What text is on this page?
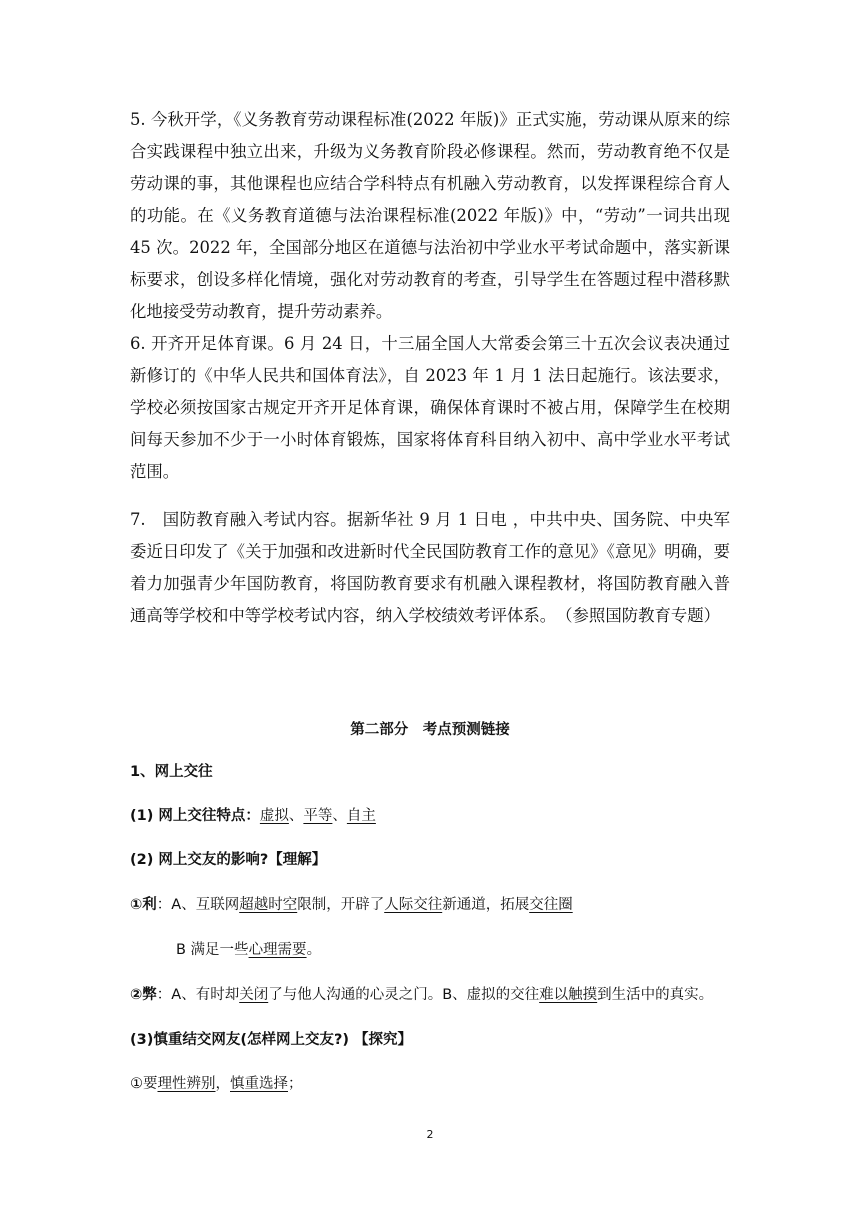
5. 今秋开学，《义务教育劳动课程标准(2022 年版)》正式实施，劳动课从原来的综合实践课程中独立出来，升级为义务教育阶段必修课程。然而，劳动教育绝不仅是劳动课的事，其他课程也应结合学科特点有机融入劳动教育，以发挥课程综合育人的功能。在《义务教育道德与法治课程标准(2022 年版)》中，“劳动”一词共出现 45 次。2022 年，全国部分地区在道德与法治初中学业水平考试命题中，落实新课标要求，创设多样化情境，强化对劳动教育的考查，引导学生在答题过程中潜移默化地接受劳动教育，提升劳动素养。

6. 开齐开足体育课。6 月 24 日，十三届全国人大常委会第三十五次会议表决通过新修订的《中华人民共和国体育法》，自 2023 年 1 月 1 法日起施行。该法要求，学校必须按国家古规定开齐开足体育课，确保体育课时不被占用，保障学生在校期间每天参加不少于一小时体育锻炼，国家将体育科目纳入初中、高中学业水平考试范围。

7.　国防教育融入考试内容。据新华社 9 月 1 日电 ，中共中央、国务院、中央军委近日印发了《关于加强和改进新时代全民国防教育工作的意见》《意见》明确，要着力加强青少年国防教育，将国防教育要求有机融入课程教材，将国防教育融入普通高等学校和中等学校考试内容，纳入学校绩效考评体系。　（参照国防教育专题）

第二部分　考点预测链接
1、网上交往
(1) 网上交往特点：虚拟、平等、自主
(2) 网上交友的影响?【理解】
①利：A、互联网超越时空限制，开辟了人际交往新通道，拓展交往圈
B 满足一些心理需要。
②弊：A、有时却关闭了与他人沟通的心灵之门。B、虚拟的交往难以触摸到生活中的真实。
(3)慎重结交网友(怎样网上交友?) 【探究】
①要理性辨别，慎重选择；
2
